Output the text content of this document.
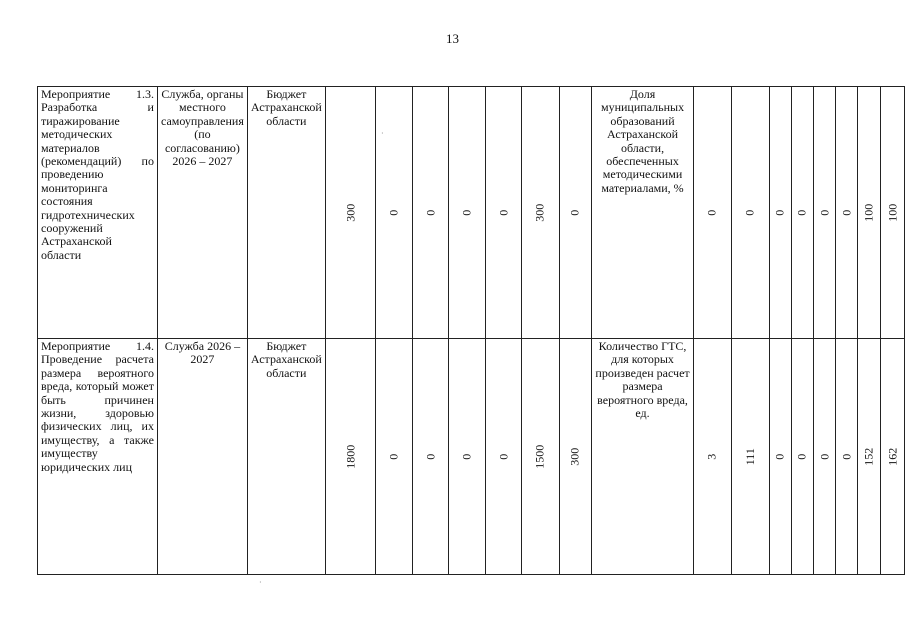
13
Мероприятие 1.3. Разработка и тиражирование методических материалов (рекомендаций) по проведению мониторинга состояния гидротехнических сооружений Астраханской области	Служба, органы местного самоуправления (по согласованию) 2026 – 2027	Бюджет Астраханской области	300	0	0	0	0	300	0	Доля муниципальных образований Астраханской области, обеспеченных методическими материалами, %	0	0	0	0	0	0	100	100
Мероприятие 1.4. Проведение расчета размера вероятного вреда, который может быть причинен жизни, здоровью физических лиц, их имуществу, а также имуществу юридических лиц	Служба 2026 – 2027	Бюджет Астраханской области	1800	0	0	0	0	1500	300	Количество ГТС, для которых произведен расчет размера вероятного вреда, ед.	3	111	0	0	0	0	152	162
·
·
